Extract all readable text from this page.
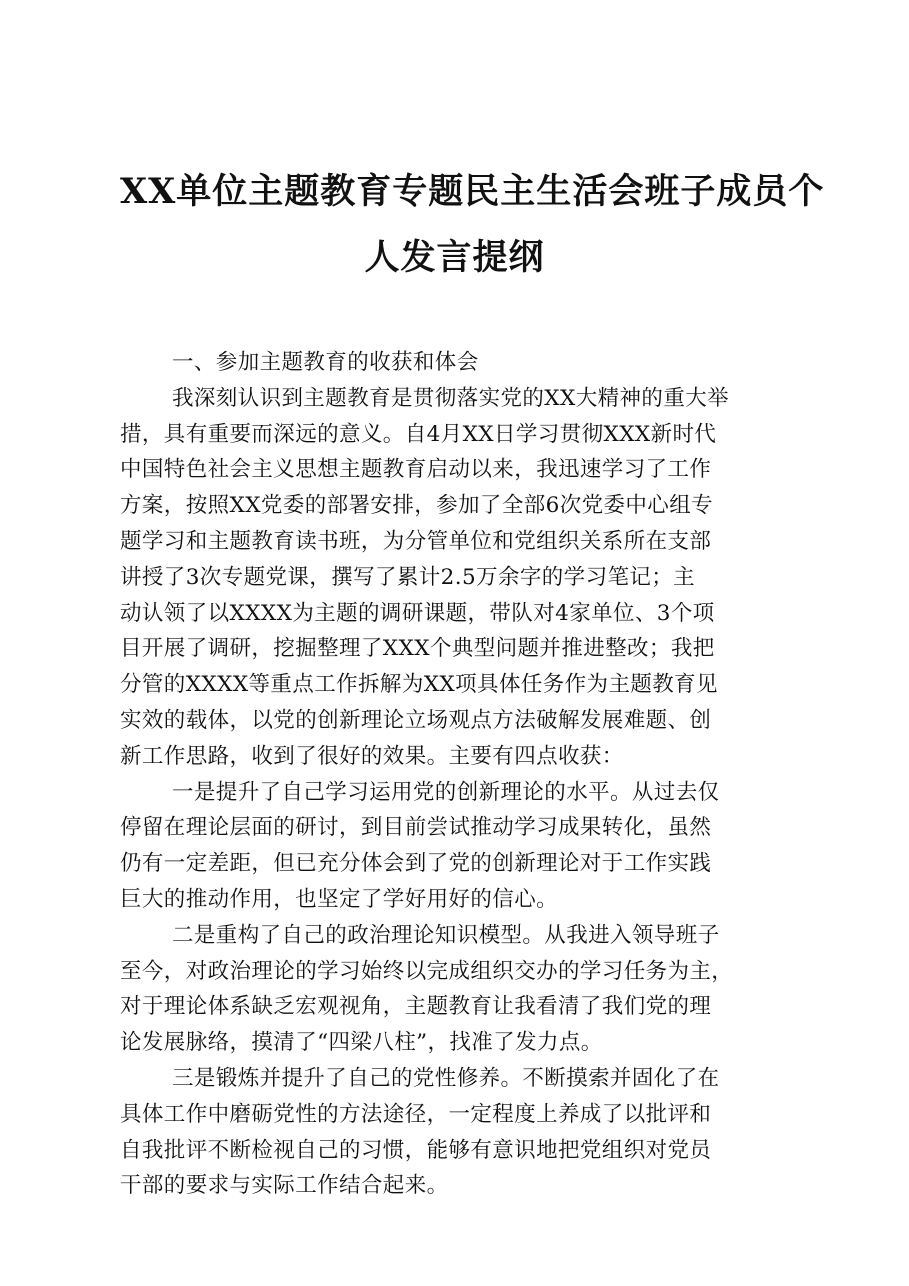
XX单位主题教育专题民主生活会班子成员个
人发言提纲
一、参加主题教育的收获和体会
我深刻认识到主题教育是贯彻落实党的XX大精神的重大举
措，具有重要而深远的意义。自4月XX日学习贯彻XXX新时代
中国特色社会主义思想主题教育启动以来，我迅速学习了工作
方案，按照XX党委的部署安排，参加了全部6次党委中心组专
题学习和主题教育读书班，为分管单位和党组织关系所在支部
讲授了3次专题党课，撰写了累计2.5万余字的学习笔记；主
动认领了以XXXX为主题的调研课题，带队对4家单位、3个项
目开展了调研，挖掘整理了XXX个典型问题并推进整改；我把
分管的XXXX等重点工作拆解为XX项具体任务作为主题教育见
实效的载体，以党的创新理论立场观点方法破解发展难题、创
新工作思路，收到了很好的效果。主要有四点收获：
一是提升了自己学习运用党的创新理论的水平。从过去仅
停留在理论层面的研讨，到目前尝试推动学习成果转化，虽然
仍有一定差距，但已充分体会到了党的创新理论对于工作实践
巨大的推动作用，也坚定了学好用好的信心。
二是重构了自己的政治理论知识模型。从我进入领导班子
至今，对政治理论的学习始终以完成组织交办的学习任务为主，
对于理论体系缺乏宏观视角，主题教育让我看清了我们党的理
论发展脉络，摸清了“四梁八柱”，找准了发力点。
三是锻炼并提升了自己的党性修养。不断摸索并固化了在
具体工作中磨砺党性的方法途径，一定程度上养成了以批评和
自我批评不断检视自己的习惯，能够有意识地把党组织对党员
干部的要求与实际工作结合起来。
